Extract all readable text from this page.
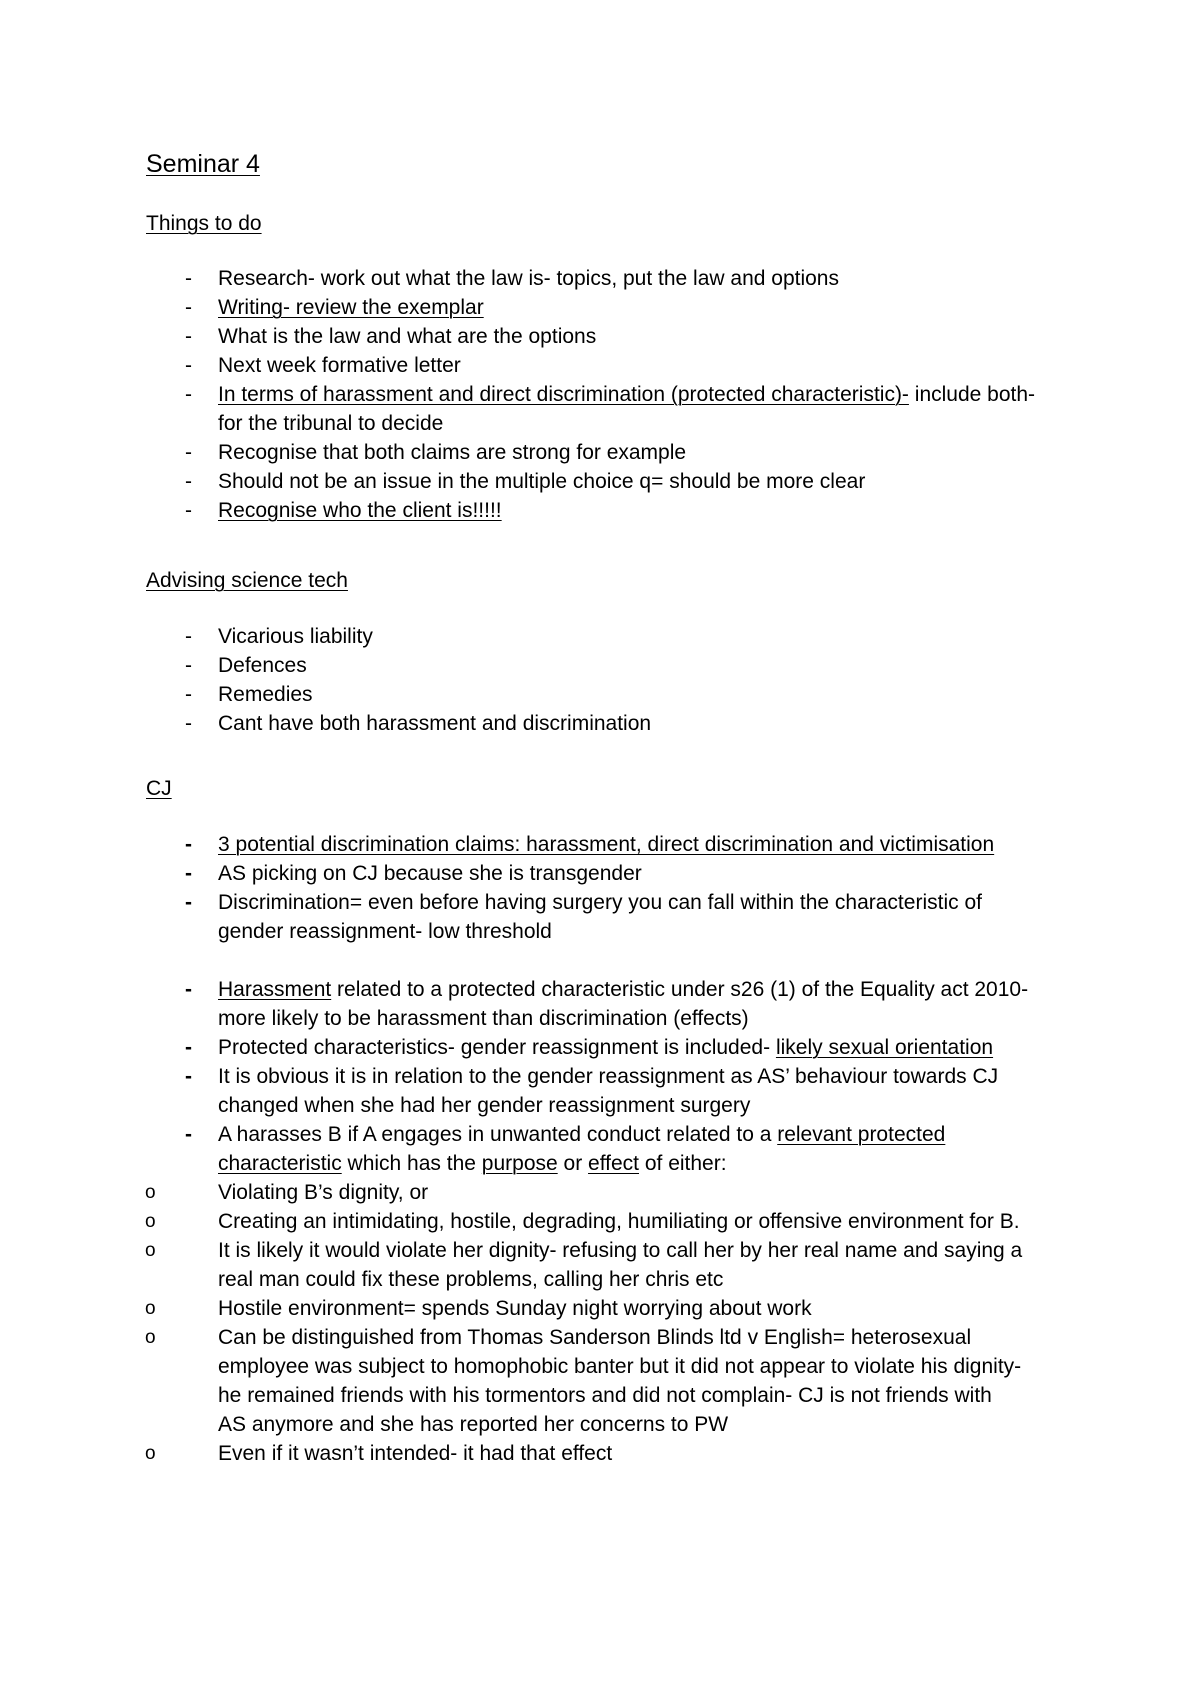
Seminar 4
Things to do
- Research- work out what the law is- topics, put the law and options
- Writing- review the exemplar
- What is the law and what are the options
- Next week formative letter
- In terms of harassment and direct discrimination (protected characteristic)- include both- for the tribunal to decide
- Recognise that both claims are strong for example
- Should not be an issue in the multiple choice q= should be more clear
- Recognise who the client is!!!!!
Advising science tech
- Vicarious liability
- Defences
- Remedies
- Cant have both harassment and discrimination
CJ
- 3 potential discrimination claims: harassment, direct discrimination and victimisation
- AS picking on CJ because she is transgender
- Discrimination= even before having surgery you can fall within the characteristic of gender reassignment- low threshold
- Harassment related to a protected characteristic under s26 (1) of the Equality act 2010- more likely to be harassment than discrimination (effects)
- Protected characteristics- gender reassignment is included- likely sexual orientation
- It is obvious it is in relation to the gender reassignment as AS’ behaviour towards CJ changed when she had her gender reassignment surgery
- A harasses B if A engages in unwanted conduct related to a relevant protected characteristic which has the purpose or effect of either:
o	Violating B’s dignity, or
o	Creating an intimidating, hostile, degrading, humiliating or offensive environment for B.
o	It is likely it would violate her dignity- refusing to call her by her real name and saying a real man could fix these problems, calling her chris etc
o	Hostile environment= spends Sunday night worrying about work
o	Can be distinguished from Thomas Sanderson Blinds ltd v English= heterosexual employee was subject to homophobic banter but it did not appear to violate his dignity- he remained friends with his tormentors and did not complain- CJ is not friends with AS anymore and she has reported her concerns to PW
o	Even if it wasn’t intended- it had that effect
